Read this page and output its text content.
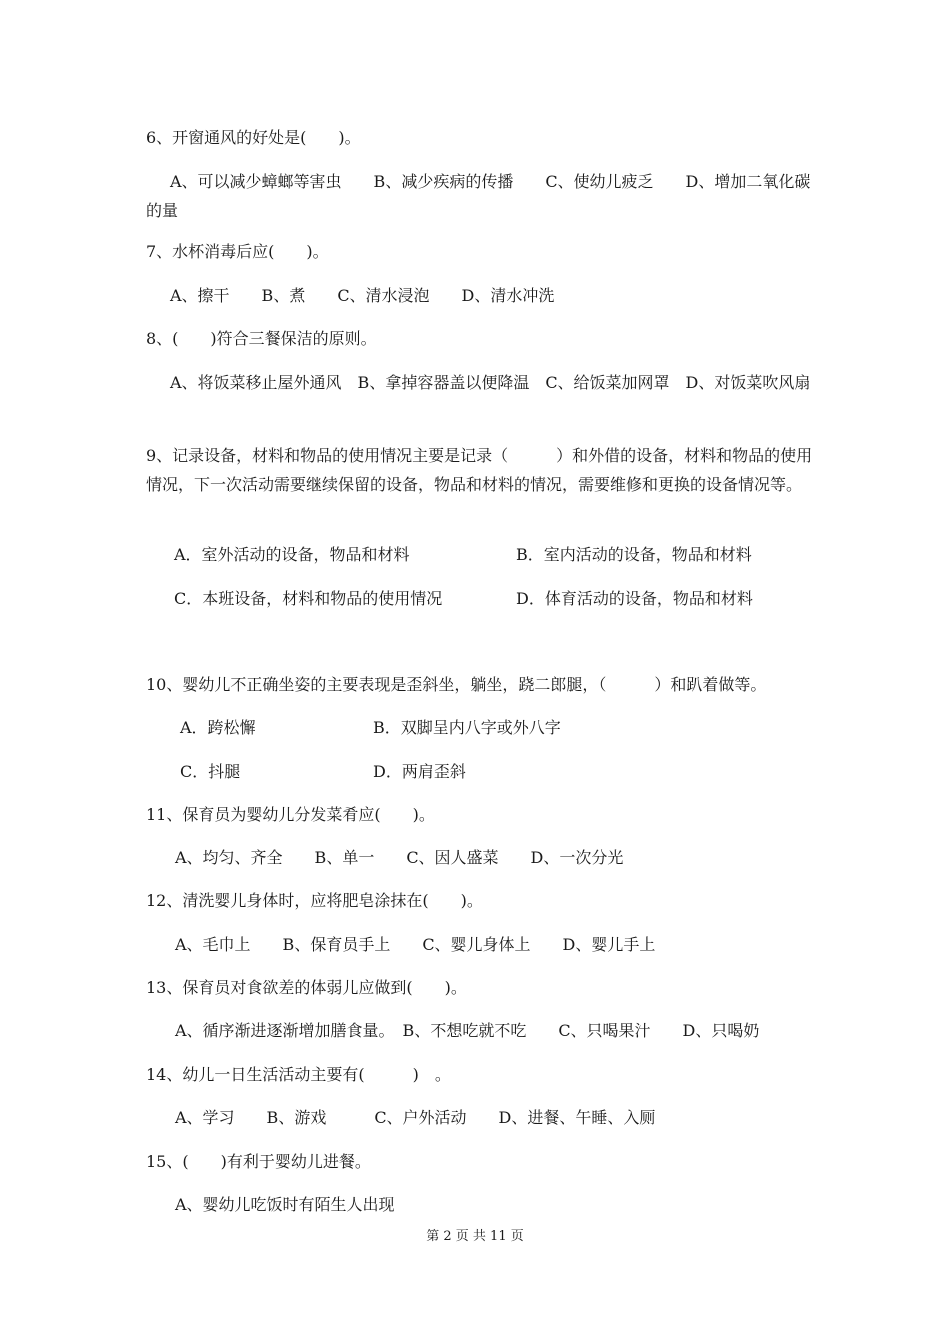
6、开窗通风的好处是(　　)。
A、可以减少蟑螂等害虫　　B、减少疾病的传播　　C、使幼儿疲乏　　D、增加二氧化碳的量
7、水杯消毒后应(　　)。
A、擦干　　B、煮　　C、清水浸泡　　D、清水冲洗
8、(　　)符合三餐保洁的原则。
A、将饭菜移止屋外通风　B、拿掉容器盖以便降温　C、给饭菜加网罩　D、对饭菜吹风扇
9、记录设备，材料和物品的使用情况主要是记录（　　　）和外借的设备，材料和物品的使用情况，下一次活动需要继续保留的设备，物品和材料的情况，需要维修和更换的设备情况等。
A．室外活动的设备，物品和材料	B．室内活动的设备，物品和材料
C．本班设备，材料和物品的使用情况	D．体育活动的设备，物品和材料
10、婴幼儿不正确坐姿的主要表现是歪斜坐，躺坐，跷二郎腿，（　　　）和趴着做等。
A．跨松懈	B．双脚呈内八字或外八字
C．抖腿	D．两肩歪斜
11、保育员为婴幼儿分发菜肴应(　　)。
A、均匀、齐全　　B、单一　　C、因人盛菜　　D、一次分光
12、清洗婴儿身体时，应将肥皂涂抹在(　　)。
A、毛巾上　　B、保育员手上　　C、婴儿身体上　　D、婴儿手上
13、保育员对食欲差的体弱儿应做到(　　)。
A、循序渐进逐渐增加膳食量。　B、不想吃就不吃　　C、只喝果汁　　D、只喝奶
14、幼儿一日生活活动主要有(　　　)　。
A、学习　　B、游戏　　　C、户外活动　　D、进餐、午睡、入厕
15、(　　)有利于婴幼儿进餐。
A、婴幼儿吃饭时有陌生人出现
第 2 页 共 11 页
